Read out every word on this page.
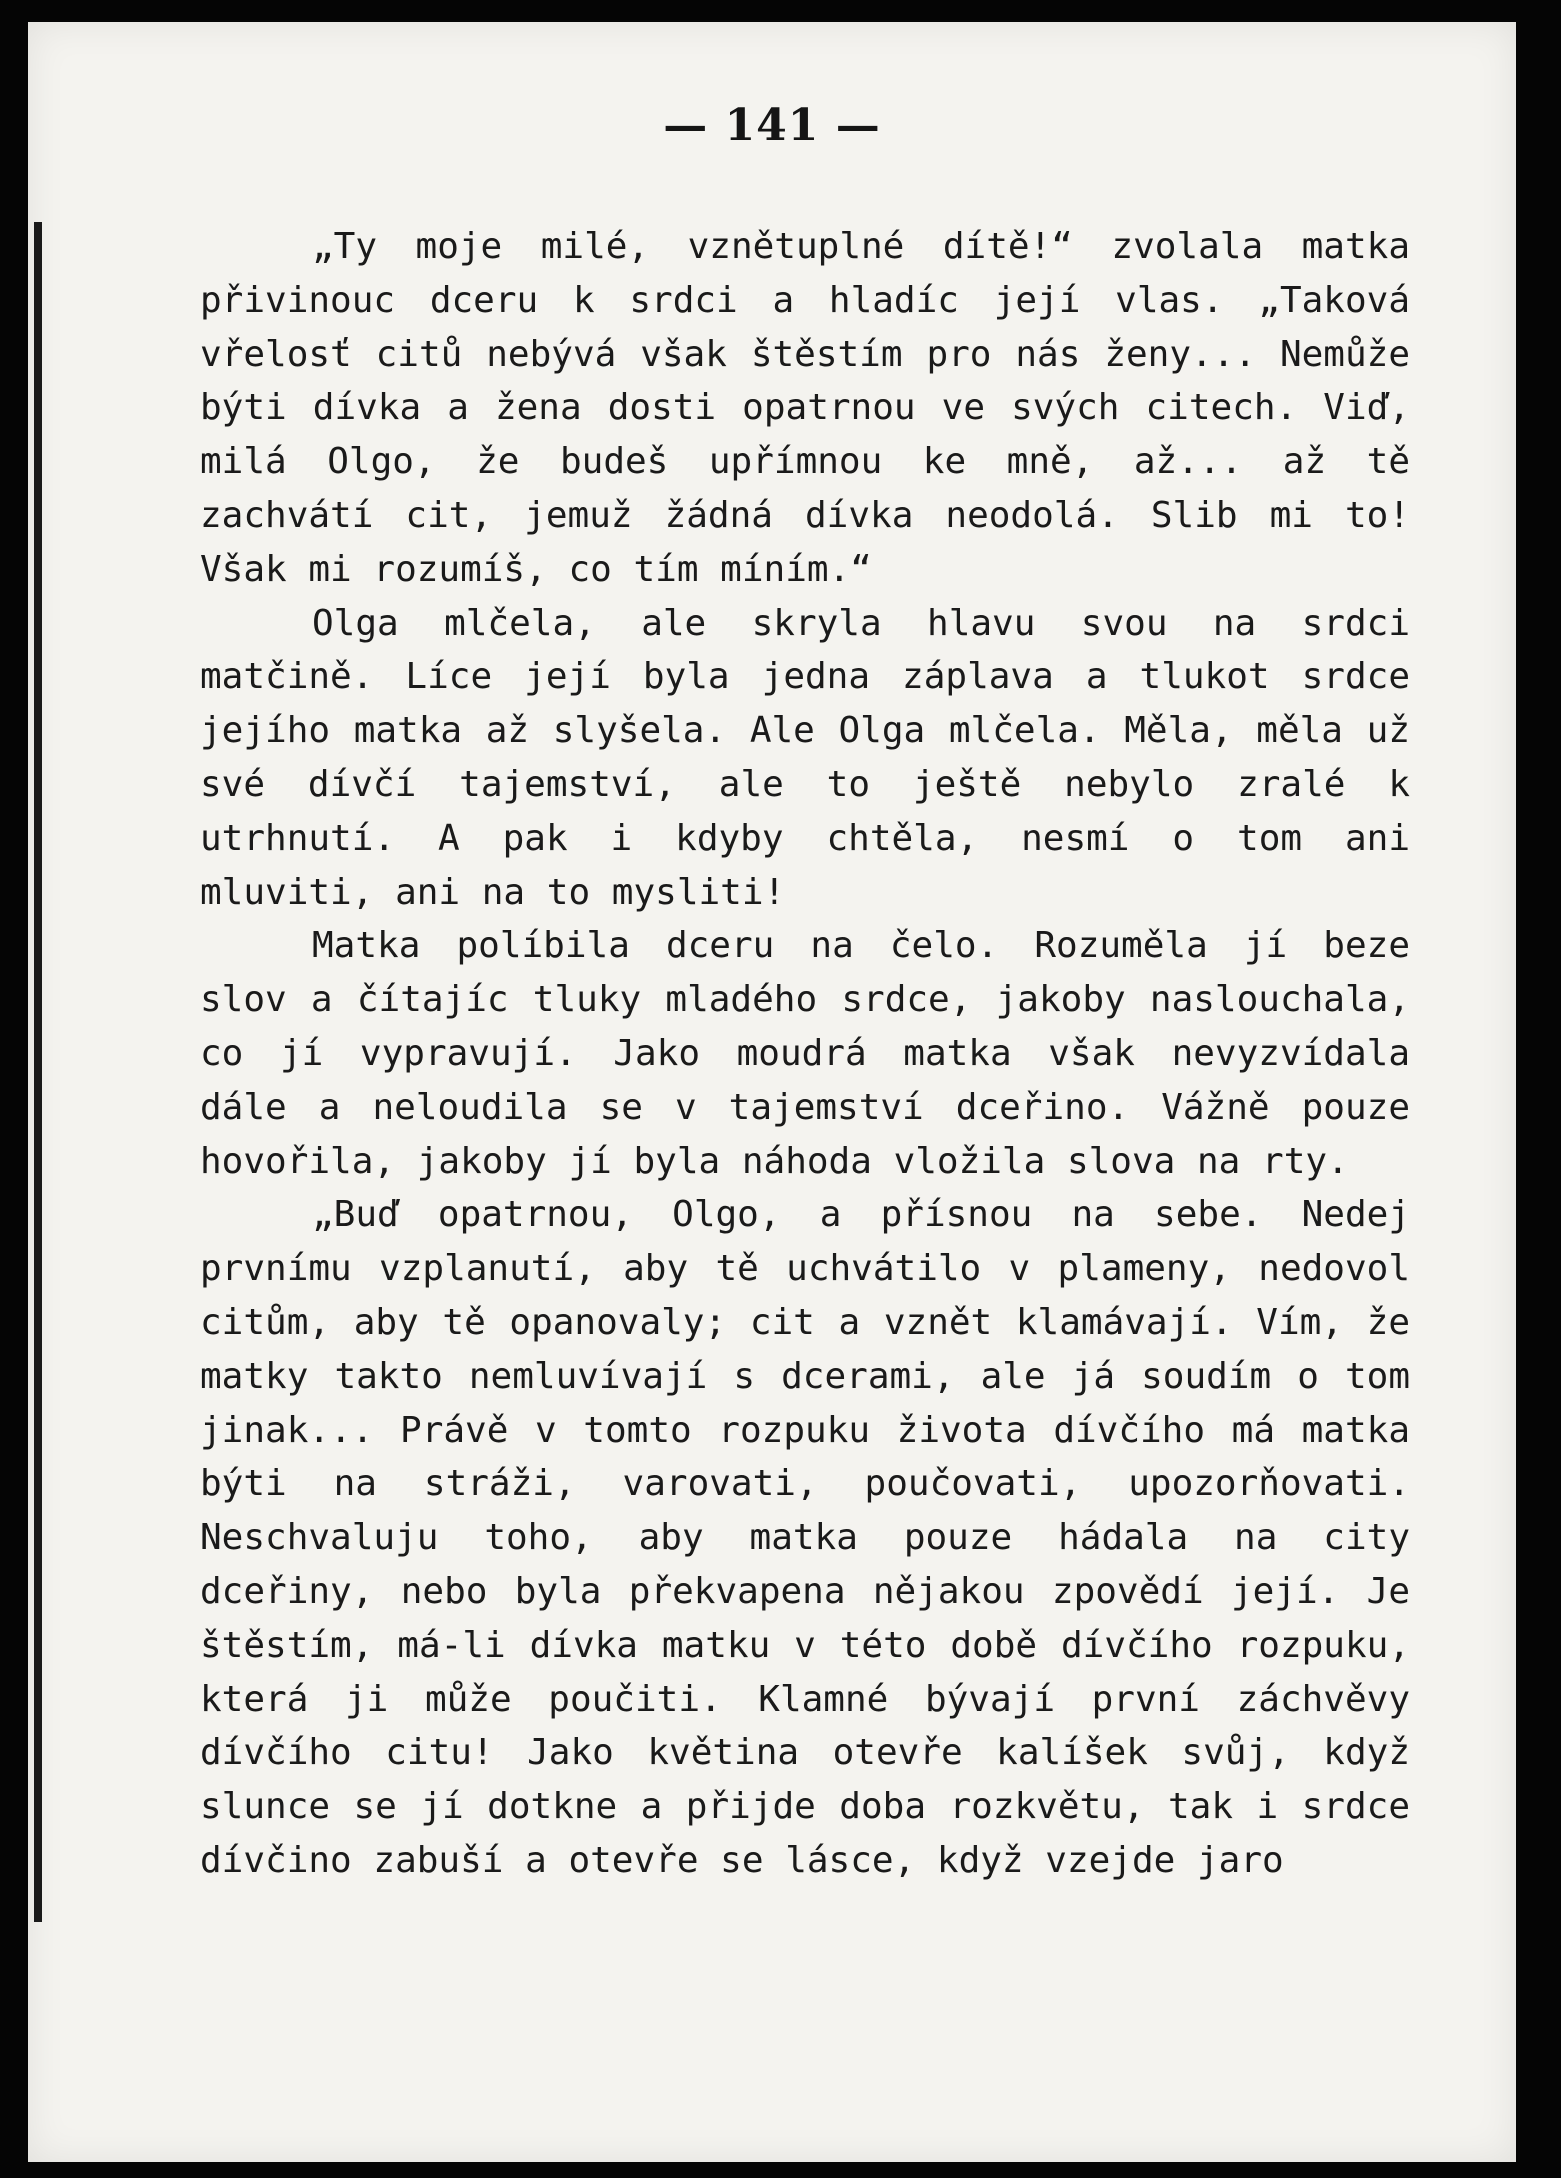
— 141 —

„Ty moje milé, vznětuplné dítě!“ zvolala matka přivinouc dceru k srdci a hladíc její vlas. „Taková vřelosť citů nebývá však štěstím pro nás ženy... Nemůže býti dívka a žena dosti opatrnou ve svých citech. Viď, milá Olgo, že budeš upřímnou ke mně, až... až tě zachvátí cit, jemuž žádná dívka neodolá. Slib mi to! Však mi rozumíš, co tím míním.“

Olga mlčela, ale skryla hlavu svou na srdci matčině. Líce její byla jedna záplava a tlukot srdce jejího matka až slyšela. Ale Olga mlčela. Měla, měla už své dívčí tajemství, ale to ještě nebylo zralé k utrhnutí. A pak i kdyby chtěla, nesmí o tom ani mluviti, ani na to mysliti!

Matka políbila dceru na čelo. Rozuměla jí beze slov a čítajíc tluky mladého srdce, jakoby naslouchala, co jí vypravují. Jako moudrá matka však nevyzvídala dále a neloudila se v tajemství dceřino. Vážně pouze hovořila, jakoby jí byla náhoda vložila slova na rty.

„Buď opatrnou, Olgo, a přísnou na sebe. Nedej prvnímu vzplanutí, aby tě uchvátilo v plameny, nedovol citům, aby tě opanovaly; cit a vznět klamávají. Vím, že matky takto nemluvívají s dcerami, ale já soudím o tom jinak... Právě v tomto rozpuku života dívčího má matka býti na stráži, varovati, poučovati, upozorňovati. Neschvaluju toho, aby matka pouze hádala na city dceřiny, nebo byla překvapena nějakou zpovědí její. Je štěstím, má-li dívka matku v této době dívčího rozpuku, která ji může poučiti. Klamné bývají první záchvěvy dívčího citu! Jako květina otevře kalíšek svůj, když slunce se jí dotkne a přijde doba rozkvětu, tak i srdce dívčino zabuší a otevře se lásce, když vzejde jaro
